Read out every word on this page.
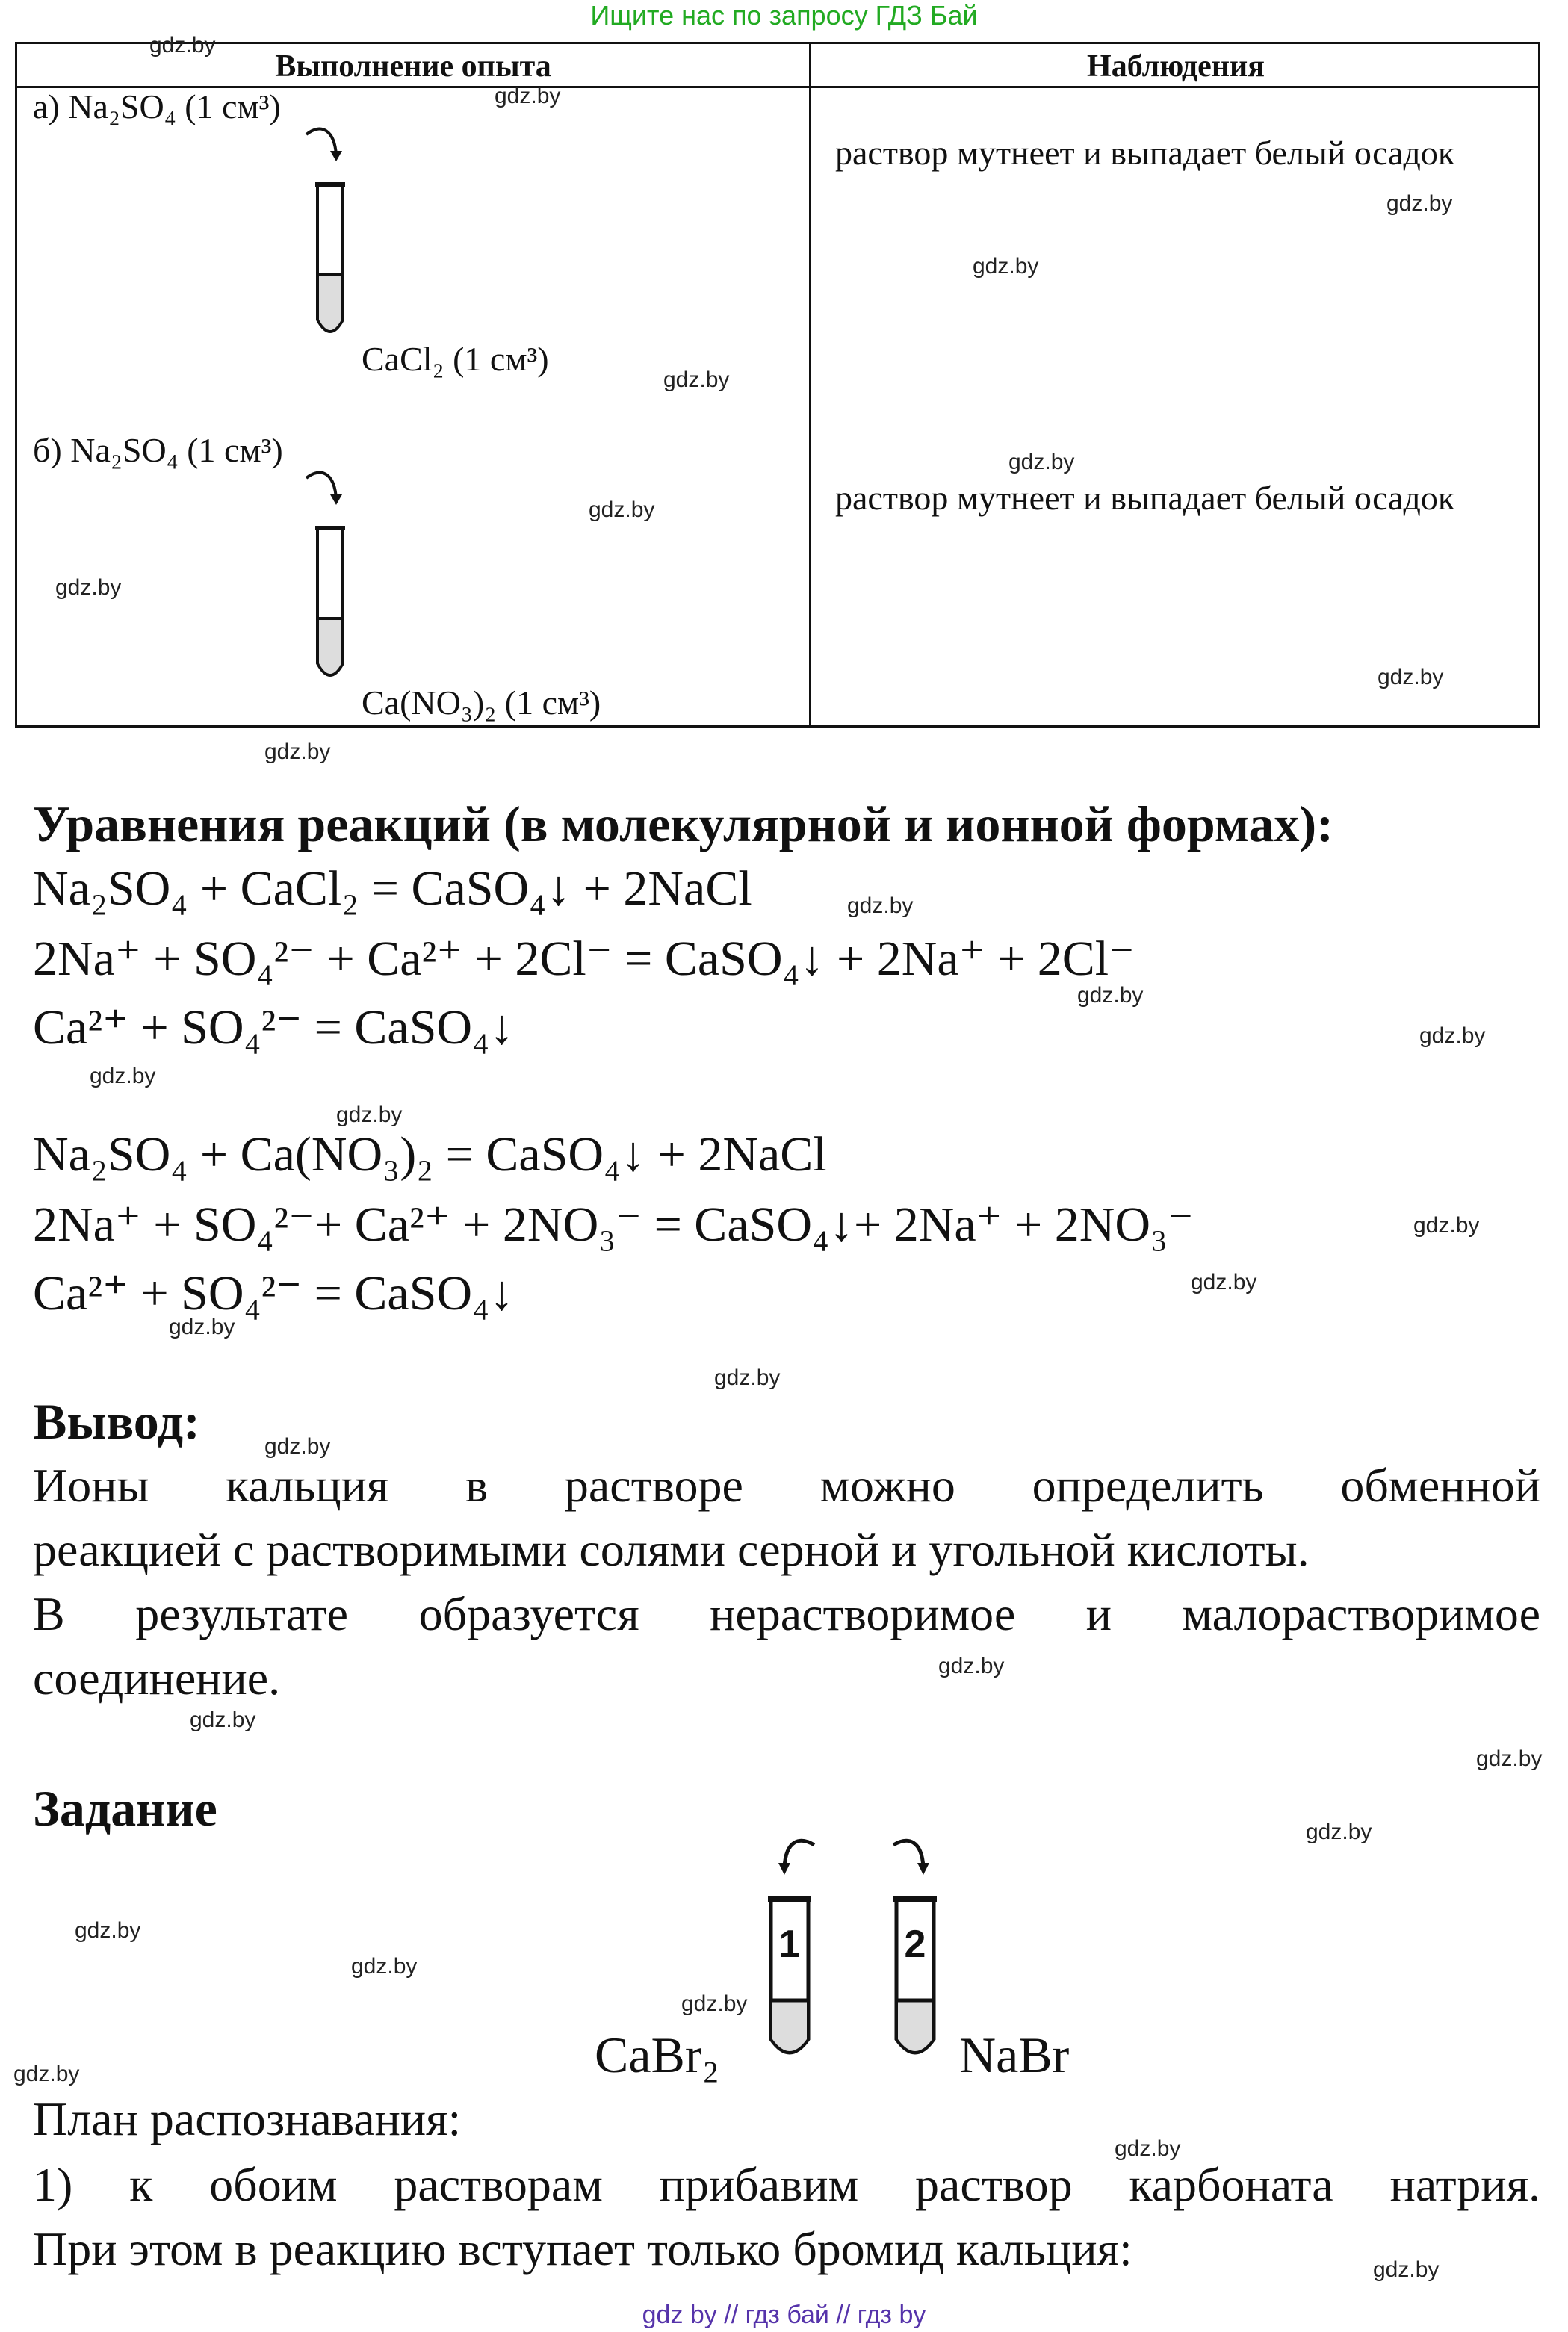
Ищите нас по запросу ГДЗ Бай
Выполнение опыта	Наблюдения
а) Na₂SO₄ (1 см³)
CaCl₂ (1 см³)
раствор мутнеет и выпадает белый осадок
б) Na₂SO₄ (1 см³)
Ca(NO₃)₂ (1 см³)
раствор мутнеет и выпадает белый осадок
Уравнения реакций (в молекулярной и ионной формах):
Na₂SO₄ + CaCl₂ = CaSO₄↓ + 2NaCl
2Na⁺ + SO₄²⁻ + Ca²⁺ + 2Cl⁻ = CaSO₄↓ + 2Na⁺ + 2Cl⁻
Ca²⁺ + SO₄²⁻ = CaSO₄↓
Na₂SO₄ + Ca(NO₃)₂ = CaSO₄↓ + 2NaCl
2Na⁺ + SO₄²⁻+ Ca²⁺ + 2NO₃⁻ = CaSO₄↓+ 2Na⁺ + 2NO₃⁻
Ca²⁺ + SO₄²⁻ = CaSO₄↓
Вывод:
Ионы кальция в растворе можно определить обменной
реакцией с растворимыми солями серной и угольной кислоты.
В результате образуется нерастворимое и малорастворимое
соединение.
Задание
1	2
CaBr₂	NaBr
План распознавания:
1) к обоим растворам прибавим раствор карбоната натрия.
При этом в реакцию вступает только бромид кальция:
gdz.by
gdz.by
gdz.by
gdz.by
gdz.by
gdz.by
gdz.by
gdz.by
gdz.by
gdz.by
gdz.by
gdz.by
gdz.by
gdz.by
gdz.by
gdz.by
gdz.by
gdz.by
gdz.by
gdz.by
gdz.by
gdz.by
gdz.by
gdz.by
gdz.by
gdz.by
gdz.by
gdz.by
gdz.by
gdz.by
gdz by // гдз бай // гдз by
